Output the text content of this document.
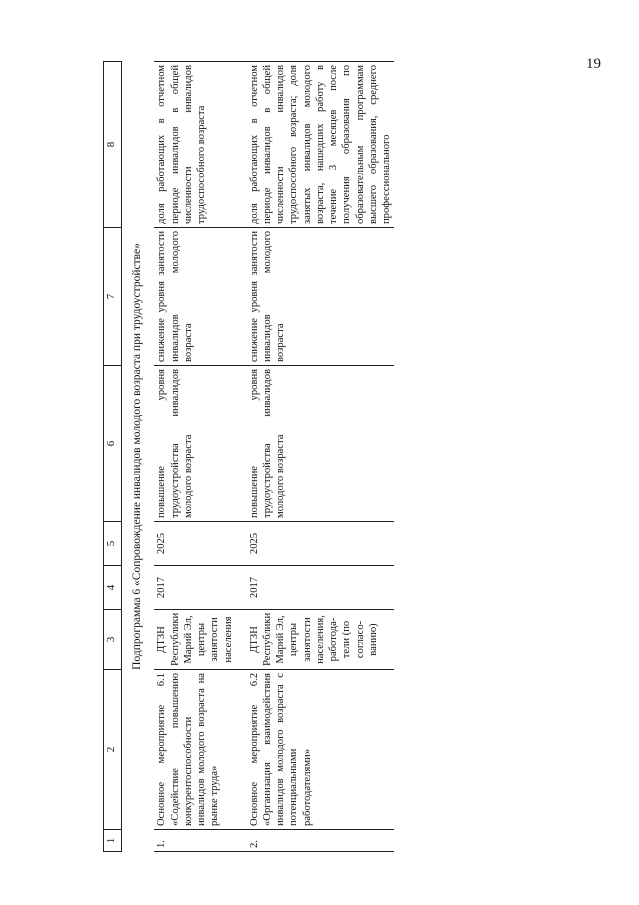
19
1	2	3	4	5	6	7	8
Подпрограмма 6 «Сопровождение инвалидов молодого возраста при трудоустройстве»							
1.	Основное мероприятие 6.1 «Содействие повышению конкурентоспособности инвалидов молодого возраста на рынке труда»	ДТЗН Республики Марий Эл, центры занятости населения	2017	2025	повышение уровня трудоустройства инвалидов молодого возраста	снижение уровня занятости инвалидов молодого возраста	доля работающих в отчетном периоде инвалидов в общей численности инвалидов трудоспособного возраста
2.	Основное мероприятие 6.2 «Организация взаимодействия инвалидов молодого возраста с потенциальными работодателями»	ДТЗН Республики Марий Эл, центры занятости населения, работода-тели (по согласо-ванию)	2017	2025	повышение уровня трудоустройства инвалидов молодого возраста	снижение уровня занятости инвалидов молодого возраста	доля работающих в отчетном периоде инвалидов в общей численности инвалидов трудоспособного возраста; доля занятых инвалидов молодого возраста, нашедших работу в течение 3 месяцев после получения образования по образовательным программам высшего образования, среднего профессионального
